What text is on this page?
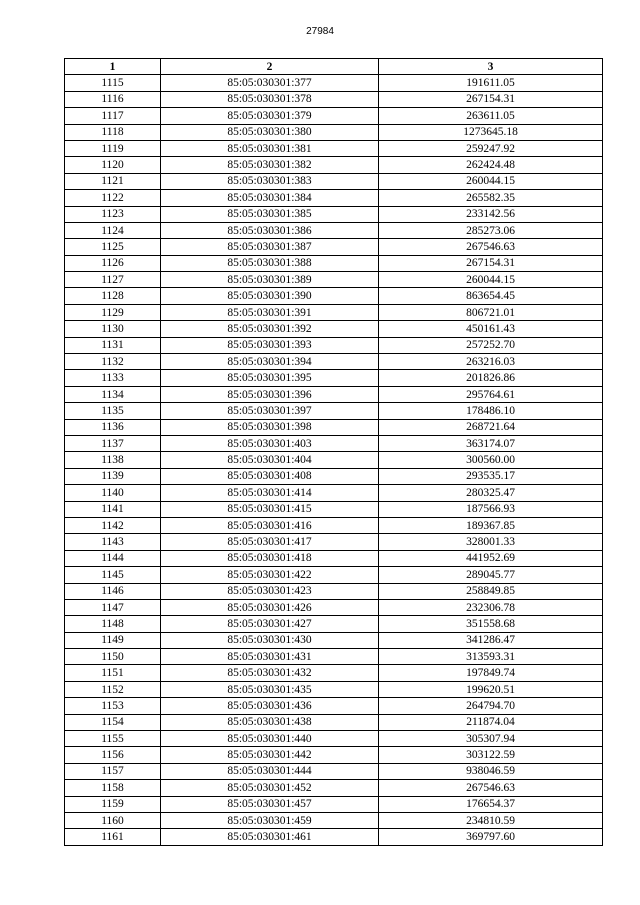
27984
1	2	3
1115	85:05:030301:377	191611.05
1116	85:05:030301:378	267154.31
1117	85:05:030301:379	263611.05
1118	85:05:030301:380	1273645.18
1119	85:05:030301:381	259247.92
1120	85:05:030301:382	262424.48
1121	85:05:030301:383	260044.15
1122	85:05:030301:384	265582.35
1123	85:05:030301:385	233142.56
1124	85:05:030301:386	285273.06
1125	85:05:030301:387	267546.63
1126	85:05:030301:388	267154.31
1127	85:05:030301:389	260044.15
1128	85:05:030301:390	863654.45
1129	85:05:030301:391	806721.01
1130	85:05:030301:392	450161.43
1131	85:05:030301:393	257252.70
1132	85:05:030301:394	263216.03
1133	85:05:030301:395	201826.86
1134	85:05:030301:396	295764.61
1135	85:05:030301:397	178486.10
1136	85:05:030301:398	268721.64
1137	85:05:030301:403	363174.07
1138	85:05:030301:404	300560.00
1139	85:05:030301:408	293535.17
1140	85:05:030301:414	280325.47
1141	85:05:030301:415	187566.93
1142	85:05:030301:416	189367.85
1143	85:05:030301:417	328001.33
1144	85:05:030301:418	441952.69
1145	85:05:030301:422	289045.77
1146	85:05:030301:423	258849.85
1147	85:05:030301:426	232306.78
1148	85:05:030301:427	351558.68
1149	85:05:030301:430	341286.47
1150	85:05:030301:431	313593.31
1151	85:05:030301:432	197849.74
1152	85:05:030301:435	199620.51
1153	85:05:030301:436	264794.70
1154	85:05:030301:438	211874.04
1155	85:05:030301:440	305307.94
1156	85:05:030301:442	303122.59
1157	85:05:030301:444	938046.59
1158	85:05:030301:452	267546.63
1159	85:05:030301:457	176654.37
1160	85:05:030301:459	234810.59
1161	85:05:030301:461	369797.60
